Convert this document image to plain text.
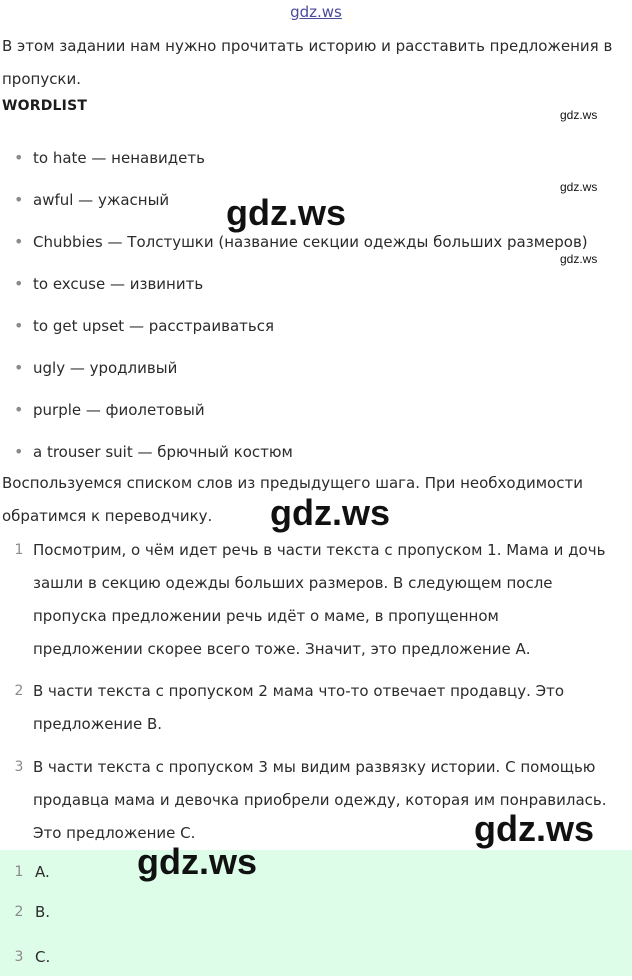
gdz.ws
В этом задании нам нужно прочитать историю и расставить предложения в пропуски.
WORDLIST
gdz.ws
gdz.ws
gdz.ws
• to hate — ненавидеть
• awful — ужасный
• Chubbies — Толстушки (название секции одежды больших размеров)
• to excuse — извинить
• to get upset — расстраиваться
• ugly — уродливый
• purple — фиолетовый
• a trouser suit — брючный костюм
Воспользуемся списком слов из предыдущего шага. При необходимости обратимся к переводчику.
1 Посмотрим, о чём идет речь в части текста с пропуском 1. Мама и дочь зашли в секцию одежды больших размеров. В следующем после пропуска предложении речь идёт о маме, в пропущенном предложении скорее всего тоже. Значит, это предложение А.
2 В части текста с пропуском 2 мама что-то отвечает продавцу. Это предложение B.
3 В части текста с пропуском 3 мы видим развязку истории. С помощью продавца мама и девочка приобрели одежду, которая им понравилась. Это предложение C.
1 A.
2 B.
3 C.
gdz.ws
gdz.ws
gdz.ws
gdz.ws
